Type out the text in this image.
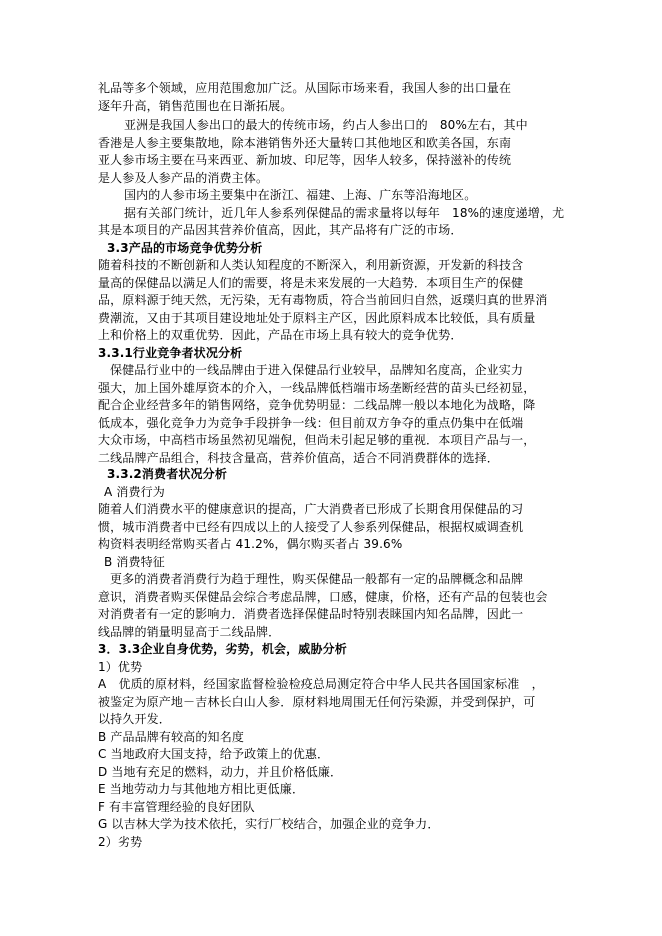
礼品等多个领域，应用范围愈加广泛。从国际市场来看，我国人参的出口量在
逐年升高，销售范围也在日渐拓展。
亚洲是我国人参出口的最大的传统市场，约占人参出口的　80%左右，其中
香港是人参主要集散地，除本港销售外还大量转口其他地区和欧美各国，东南
亚人参市场主要在马来西亚、新加坡、印尼等，因华人较多，保持滋补的传统
是人参及人参产品的消费主体。
国内的人参市场主要集中在浙江、福建、上海、广东等沿海地区。
据有关部门统计，近几年人参系列保健品的需求量将以每年　18%的速度递增，尤
其是本项目的产品因其营养价值高，因此，其产品将有广泛的市场．
3.3产品的市场竞争优势分析
随着科技的不断创新和人类认知程度的不断深入，利用新资源，开发新的科技含
量高的保健品以满足人们的需要，将是未来发展的一大趋势．本项目生产的保健
品，原料源于纯天然，无污染，无有毒物质，符合当前回归自然，返璞归真的世界消
费潮流，又由于其项目建设地址处于原料主产区，因此原料成本比较低，具有质量
上和价格上的双重优势．因此，产品在市场上具有较大的竞争优势．
3.3.1行业竞争者状况分析
保健品行业中的一线品牌由于进入保健品行业较早，品牌知名度高，企业实力
强大，加上国外雄厚资本的介入，一线品牌低档端市场垄断经营的苗头已经初显，
配合企业经营多年的销售网络，竞争优势明显：二线品牌一般以本地化为战略，降
低成本，强化竞争力为竞争手段拼争一线：但目前双方争夺的重点仍集中在低端
大众市场，中高档市场虽然初见端倪，但尚未引起足够的重视．本项目产品与一，
二线品牌产品组合，科技含量高，营养价值高，适合不同消费群体的选择．
3.3.2消费者状况分析
A 消费行为
随着人们消费水平的健康意识的提高，广大消费者已形成了长期食用保健品的习
惯，城市消费者中已经有四成以上的人接受了人参系列保健品，根据权威调查机
构资料表明经常购买者占 41.2%，偶尔购买者占 39.6%
B 消费特征
更多的消费者消费行为趋于理性，购买保健品一般都有一定的品牌概念和品牌
意识，消费者购买保健品会综合考虑品牌，口感，健康，价格，还有产品的包装也会
对消费者有一定的影响力．消费者选择保健品时特别表睐国内知名品牌，因此一
线品牌的销量明显高于二线品牌．
3．3.3企业自身优势，劣势，机会，威胁分析
1）优势
A　优质的原材料，经国家监督检验检疫总局测定符合中华人民共各国国家标准　，
被鉴定为原产地－吉林长白山人参．原材料地周围无任何污染源，并受到保护，可
以持久开发．
B 产品品牌有较高的知名度
C 当地政府大国支持，给予政策上的优惠．
D 当地有充足的燃料，动力，并且价格低廉．
E 当地劳动力与其他地方相比更低廉．
F 有丰富管理经验的良好团队
G 以吉林大学为技术依托，实行厂校结合，加强企业的竞争力．
2）劣势
